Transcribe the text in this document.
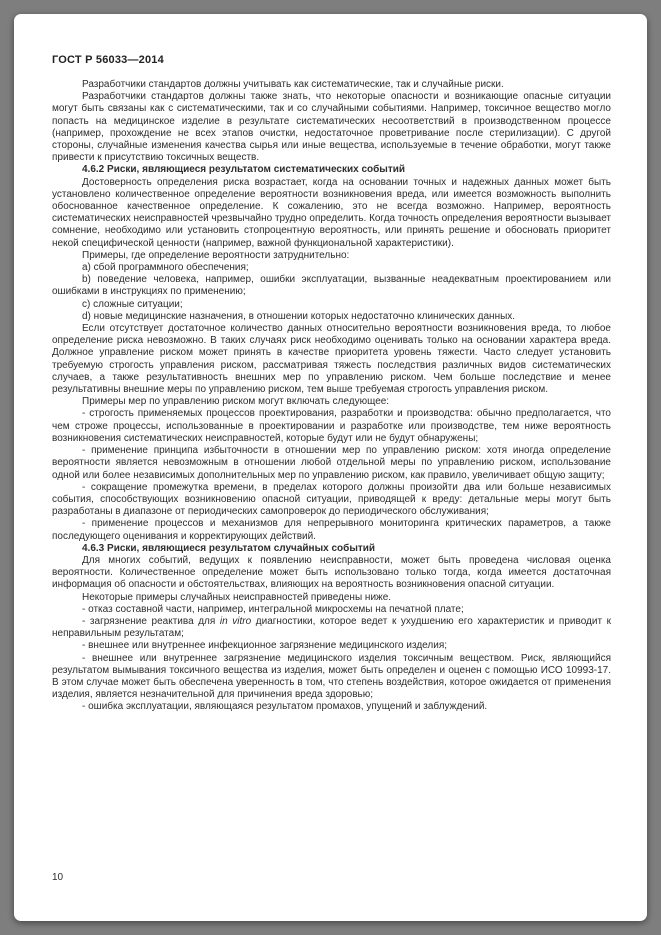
ГОСТ Р 56033—2014

Разработчики стандартов должны учитывать как систематические, так и случайные риски.

Разработчики стандартов должны также знать, что некоторые опасности и возникающие опасные ситуации могут быть связаны как с систематическими, так и со случайными событиями. Например, токсичное вещество могло попасть на медицинское изделие в результате систематических несоответствий в производственном процессе (например, прохождение не всех этапов очистки, недостаточное проветривание после стерилизации). С другой стороны, случайные изменения качества сырья или иные вещества, используемые в течение обработки, могут также привести к присутствию токсичных веществ.

4.6.2 Риски, являющиеся результатом систематических событий

Достоверность определения риска возрастает, когда на основании точных и надежных данных может быть установлено количественное определение вероятности возникновения вреда, или имеется возможность выполнить обоснованное качественное определение. К сожалению, это не всегда возможно. Например, вероятность систематических неисправностей чрезвычайно трудно определить. Когда точность определения вероятности вызывает сомнение, необходимо или установить стопроцентную вероятность, или принять решение и обосновать приоритет некой специфической ценности (например, важной функциональной характеристики).

Примеры, где определение вероятности затруднительно:

a) сбой программного обеспечения;

b) поведение человека, например, ошибки эксплуатации, вызванные неадекватным проектированием или ошибками в инструкциях по применению;

c) сложные ситуации;

d) новые медицинские назначения, в отношении которых недостаточно клинических данных.

Если отсутствует достаточное количество данных относительно вероятности возникновения вреда, то любое определение риска невозможно. В таких случаях риск необходимо оценивать только на основании характера вреда. Должное управление риском может принять в качестве приоритета уровень тяжести. Часто следует установить требуемую строгость управления риском, рассматривая тяжесть последствия различных видов систематических случаев, а также результативность внешних мер по управлению риском. Чем больше последствие и менее результативны внешние меры по управлению риском, тем выше требуемая строгость управления риском.

Примеры мер по управлению риском могут включать следующее:

- строгость применяемых процессов проектирования, разработки и производства: обычно предполагается, что чем строже процессы, использованные в проектировании и разработке или производстве, тем ниже вероятность возникновения систематических неисправностей, которые будут или не будут обнаружены;

- применение принципа избыточности в отношении мер по управлению риском: хотя иногда определение вероятности является невозможным в отношении любой отдельной меры по управлению риском, использование одной или более независимых дополнительных мер по управлению риском, как правило, увеличивает общую защиту;

- сокращение промежутка времени, в пределах которого должны произойти два или больше независимых события, способствующих возникновению опасной ситуации, приводящей к вреду: детальные меры могут быть разработаны в диапазоне от периодических самопроверок до периодического обслуживания;

- применение процессов и механизмов для непрерывного мониторинга критических параметров, а также последующего оценивания и корректирующих действий.

4.6.3 Риски, являющиеся результатом случайных событий

Для многих событий, ведущих к появлению неисправности, может быть проведена числовая оценка вероятности. Количественное определение может быть использовано только тогда, когда имеется достаточная информация об опасности и обстоятельствах, влияющих на вероятность возникновения опасной ситуации.

Некоторые примеры случайных неисправностей приведены ниже.

- отказ составной части, например, интегральной микросхемы на печатной плате;

- загрязнение реактива для in vitro диагностики, которое ведет к ухудшению его характеристик и приводит к неправильным результатам;

- внешнее или внутреннее инфекционное загрязнение медицинского изделия;

- внешнее или внутреннее загрязнение медицинского изделия токсичным веществом. Риск, являющийся результатом вымывания токсичного вещества из изделия, может быть определен и оценен с помощью ИСО 10993-17. В этом случае может быть обеспечена уверенность в том, что степень воздействия, которое ожидается от применения изделия, является незначительной для причинения вреда здоровью;

- ошибка эксплуатации, являющаяся результатом промахов, упущений и заблуждений.

10
